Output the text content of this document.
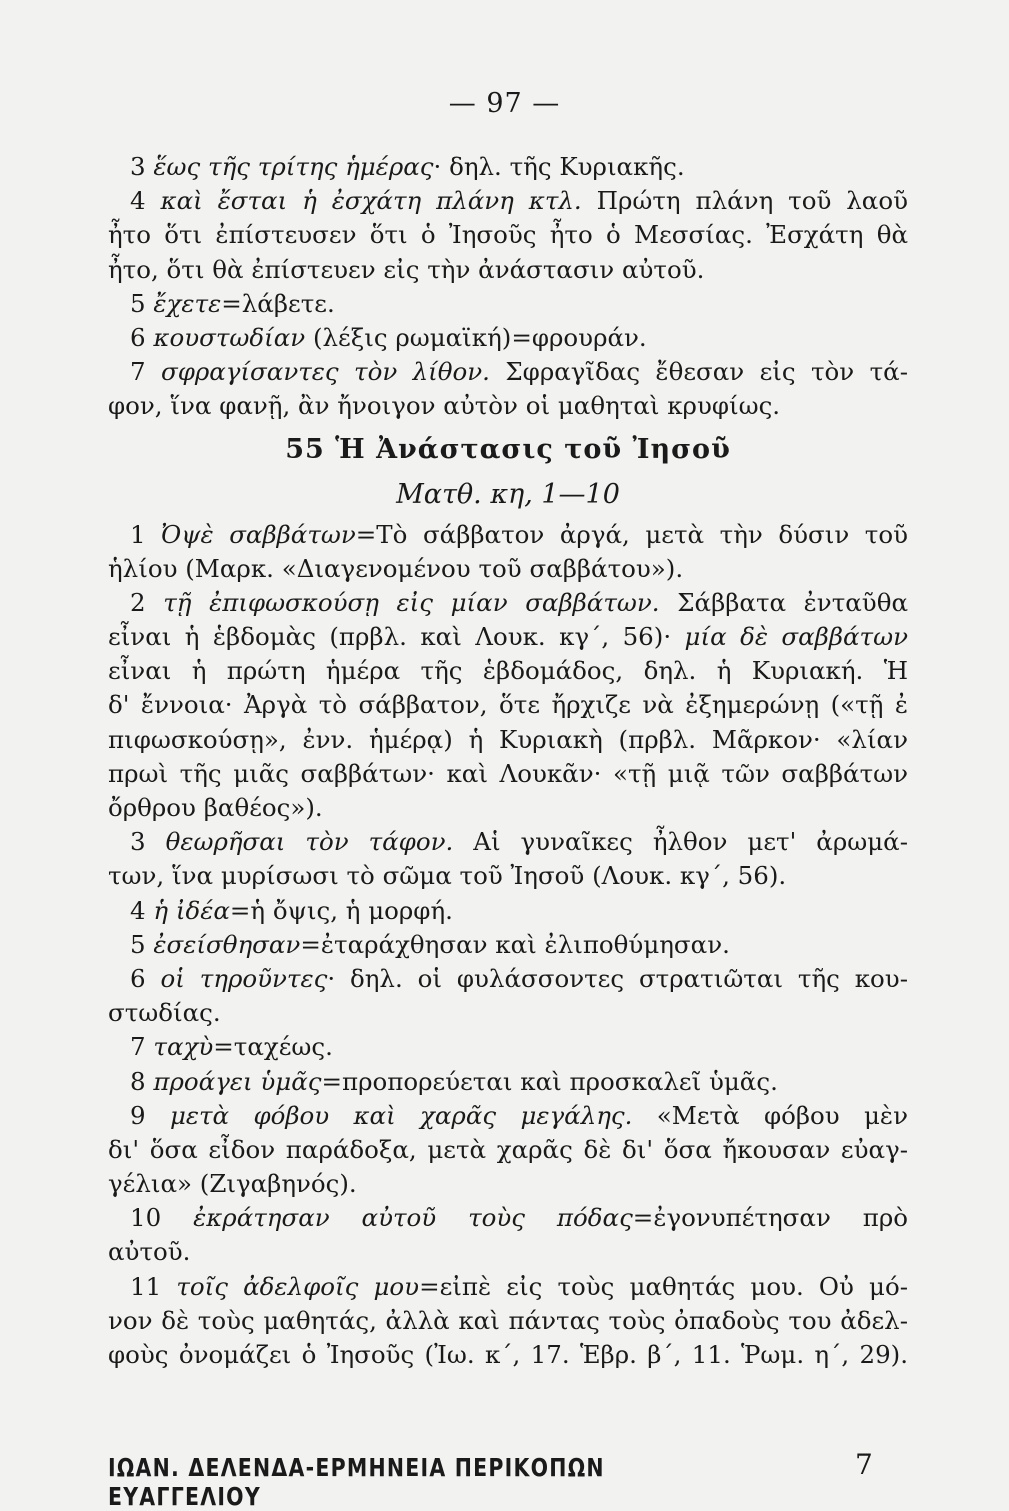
— 97 —
3 ἕως τῆς τρίτης ἡμέρας· δηλ. τῆς Κυριακῆς.
4 καὶ ἔσται ἡ ἐσχάτη πλάνη κτλ. Πρώτη πλάνη τοῦ λαοῦ
ἦτο ὅτι ἐπίστευσεν ὅτι ὁ Ἰησοῦς ἦτο ὁ Μεσσίας. Ἐσχάτη θὰ
ἦτο, ὅτι θὰ ἐπίστευεν εἰς τὴν ἀνάστασιν αὐτοῦ.
5 ἔχετε=λάβετε.
6 κουστωδίαν (λέξις ρωμαϊκή)=φρουράν.
7 σφραγίσαντες τὸν λίθον. Σφραγῖδας ἔθεσαν εἰς τὸν τά-
φον, ἵνα φανῇ, ἂν ἤνοιγον αὐτὸν οἱ μαθηταὶ κρυφίως.
55 Ἡ Ἀνάστασις τοῦ Ἰησοῦ
Ματθ. κη, 1—10
1 Ὀψὲ σαββάτων=Τὸ σάββατον ἀργά, μετὰ τὴν δύσιν τοῦ
ἡλίου (Μαρκ. «Διαγενομένου τοῦ σαββάτου»).
2 τῇ ἐπιφωσκούσῃ εἰς μίαν σαββάτων. Σάββατα ἐνταῦθα
εἶναι ἡ ἑβδομὰς (πρβλ. καὶ Λουκ. κγ΄, 56)· μία δὲ σαββάτων
εἶναι ἡ πρώτη ἡμέρα τῆς ἑβδομάδος, δηλ. ἡ Κυριακή. Ἡ
δ' ἔννοια· Ἀργὰ τὸ σάββατον, ὅτε ἤρχιζε νὰ ἐξημερώνῃ («τῇ ἐ
πιφωσκούσῃ», ἐνν. ἡμέρᾳ) ἡ Κυριακὴ (πρβλ. Μᾶρκον· «λίαν
πρωὶ τῆς μιᾶς σαββάτων· καὶ Λουκᾶν· «τῇ μιᾷ τῶν σαββάτων
ὄρθρου βαθέος»).
3 θεωρῆσαι τὸν τάφον. Αἱ γυναῖκες ἦλθον μετ' ἀρωμά-
των, ἵνα μυρίσωσι τὸ σῶμα τοῦ Ἰησοῦ (Λουκ. κγ΄, 56).
4 ἡ ἰδέα=ἡ ὄψις, ἡ μορφή.
5 ἐσείσθησαν=ἐταράχθησαν καὶ ἐλιποθύμησαν.
6 οἱ τηροῦντες· δηλ. οἱ φυλάσσοντες στρατιῶται τῆς κου-
στωδίας.
7 ταχὺ=ταχέως.
8 προάγει ὑμᾶς=προπορεύεται καὶ προσκαλεῖ ὑμᾶς.
9 μετὰ φόβου καὶ χαρᾶς μεγάλης. «Μετὰ φόβου μὲν
δι' ὅσα εἶδον παράδοξα, μετὰ χαρᾶς δὲ δι' ὅσα ἤκουσαν εὐαγ-
γέλια» (Ζιγαβηνός).
10 ἐκράτησαν αὐτοῦ τοὺς πόδας=ἐγονυπέτησαν πρὸ
αὐτοῦ.
11 τοῖς ἀδελφοῖς μου=εἰπὲ εἰς τοὺς μαθητάς μου. Οὐ μό-
νον δὲ τοὺς μαθητάς, ἀλλὰ καὶ πάντας τοὺς ὀπαδοὺς του ἀδελ-
φοὺς ὀνομάζει ὁ Ἰησοῦς (Ἰω. κ΄, 17. Ἑβρ. β΄, 11. Ῥωμ. η΄, 29).
ΙΩΑΝ. ΔΕΛΕΝΔΑ-ΕΡΜΗΝΕΙΑ ΠΕΡΙΚΟΠΩΝ ΕΥΑΓΓΕΛΙΟΥ
7
